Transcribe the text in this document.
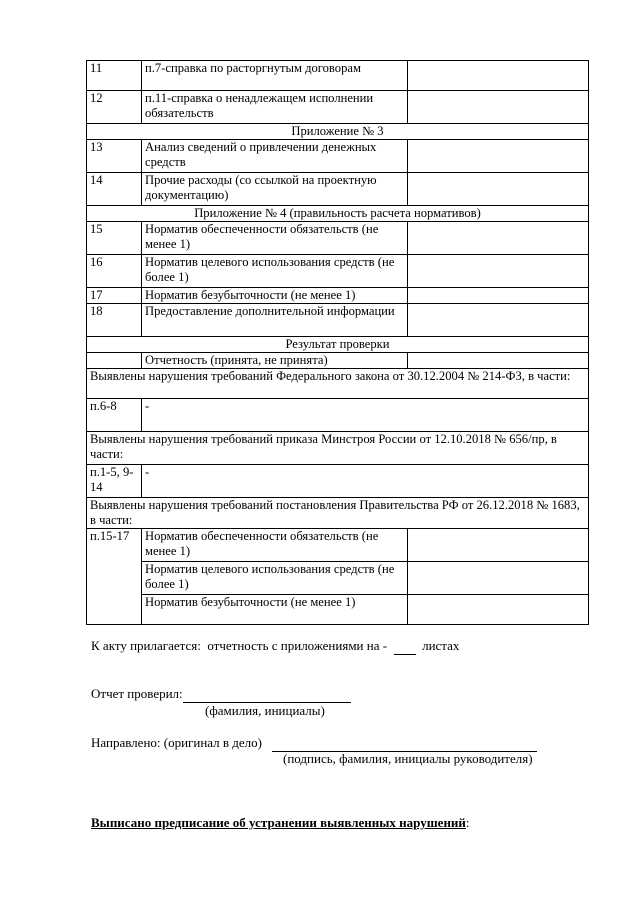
11	п.7-справка по расторгнутым договорам	
12	п.11-справка о ненадлежащем исполнении обязательств	
Приложение № 3		
13	Анализ сведений о привлечении денежных средств	
14	Прочие расходы (со ссылкой на проектную документацию)	
Приложение № 4 (правильность расчета нормативов)		
15	Норматив обеспеченности обязательств (не менее 1)	
16	Норматив целевого использования средств (не более 1)	
17	Норматив безубыточности (не менее 1)	
18	Предоставление дополнительной информации	
Результат проверки		
	Отчетность (принята, не принята)	
Выявлены нарушения требований Федерального закона от 30.12.2004 № 214-ФЗ, в части:		
п.6-8	-	
Выявлены нарушения требований приказа Минстроя России от 12.10.2018 № 656/пр, в части:		
п.1-5, 9-14	-	
Выявлены нарушения требований постановления Правительства РФ от 26.12.2018 № 1683, в части:		
п.15-17	Норматив обеспеченности обязательств (не менее 1)	
	Норматив целевого использования средств (не более 1)	
	Норматив безубыточности (не менее 1)	
К акту прилагается: отчетность с приложениями на -	листах
Отчет проверил:
(фамилия, инициалы)
Направлено: (оригинал в дело)
(подпись, фамилия, инициалы руководителя)
Выписано предписание об устранении выявленных нарушений:
